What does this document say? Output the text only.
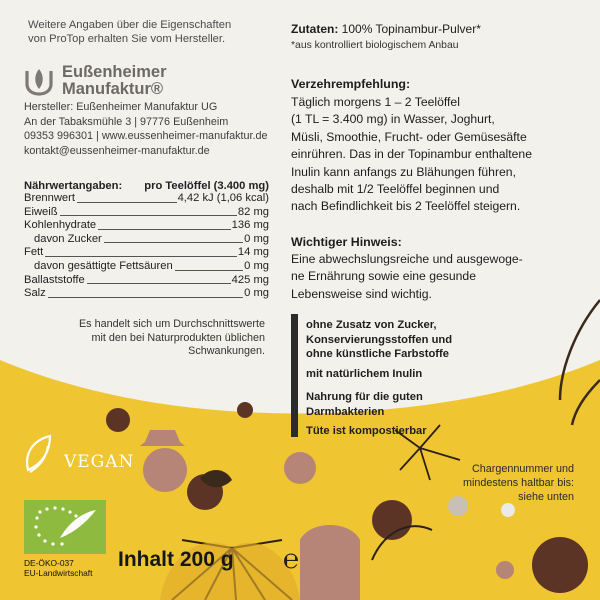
Weitere Angaben über die Eigenschaften
von ProTop erhalten Sie vom Hersteller.
Eußenheimer
Manufaktur®
Hersteller: Eußenheimer Manufaktur UG
An der Tabaksmühle 3 | 97776 Eußenheim
09353 996301 | www.eussenheimer-manufaktur.de
kontakt@eussenheimer-manufaktur.de
Nährwertangaben: pro Teelöffel (3.400 mg)
Brennwert	4,42 kJ (1,06 kcal)
Eiweiß	82 mg
Kohlenhydrate	136 mg
davon Zucker	0 mg
Fett	14 mg
davon gesättigte Fettsäuren	0 mg
Ballaststoffe	425 mg
Salz	0 mg
Es handelt sich um Durchschnittswerte
mit den bei Naturprodukten üblichen
Schwankungen.
Zutaten: 100% Topinambur-Pulver*
*aus kontrolliert biologischem Anbau
Verzehrempfehlung:
Täglich morgens 1 – 2 Teelöffel
(1 TL = 3.400 mg) in Wasser, Joghurt,
Müsli, Smoothie, Frucht- oder Gemüsesäfte
einrühren. Das in der Topinambur enthaltene
Inulin kann anfangs zu Blähungen führen,
deshalb mit 1/2 Teelöffel beginnen und
nach Befindlichkeit bis 2 Teelöffel steigern.
Wichtiger Hinweis:
Eine abwechslungsreiche und ausgewoge-
ne Ernährung sowie eine gesunde
Lebensweise sind wichtig.
ohne Zusatz von Zucker,
Konservierungsstoffen und
ohne künstliche Farbstoffe
mit natürlichem Inulin
Nahrung für die guten
Darmbakterien
Tüte ist kompostierbar
Chargennummer und
mindestens haltbar bis:
siehe unten
VEGAN
DE-ÖKO-037
EU-Landwirtschaft
Inhalt 200 g ℮
